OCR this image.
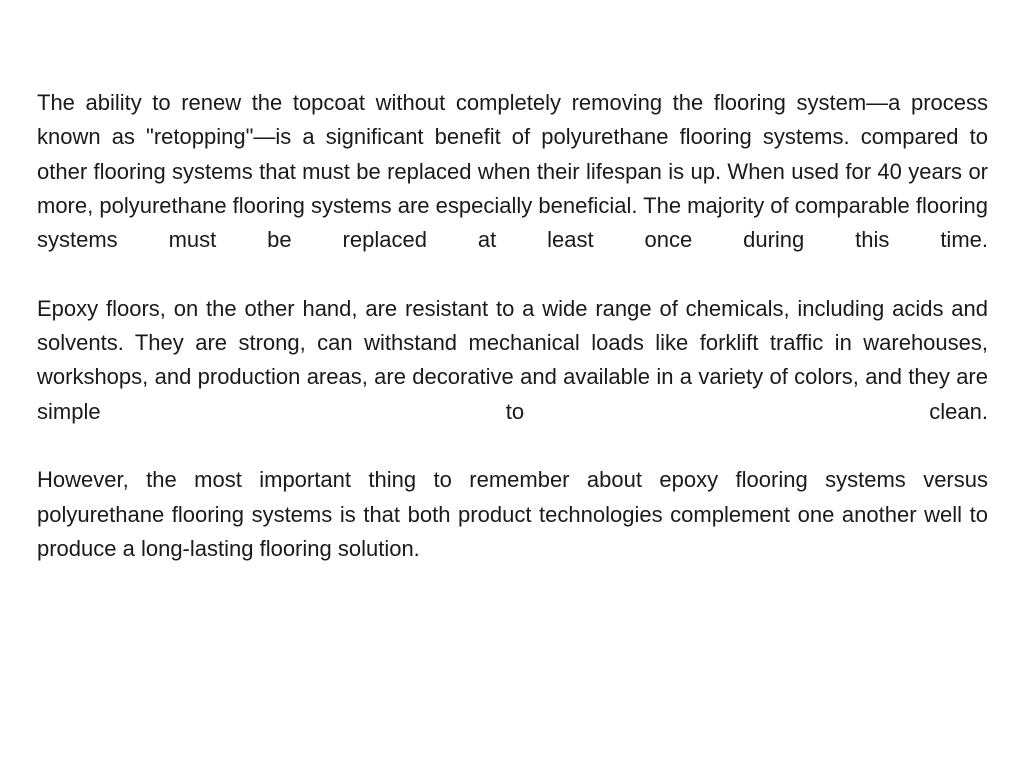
The ability to renew the topcoat without completely removing the flooring system—a process known as "retopping"—is a significant benefit of polyurethane flooring systems. compared to other flooring systems that must be replaced when their lifespan is up. When used for 40 years or more, polyurethane flooring systems are especially beneficial. The majority of comparable flooring systems must be replaced at least once during this time.

Epoxy floors, on the other hand, are resistant to a wide range of chemicals, including acids and solvents. They are strong, can withstand mechanical loads like forklift traffic in warehouses, workshops, and production areas, are decorative and available in a variety of colors, and they are simple to clean.

However, the most important thing to remember about epoxy flooring systems versus polyurethane flooring systems is that both product technologies complement one another well to produce a long-lasting flooring solution.
